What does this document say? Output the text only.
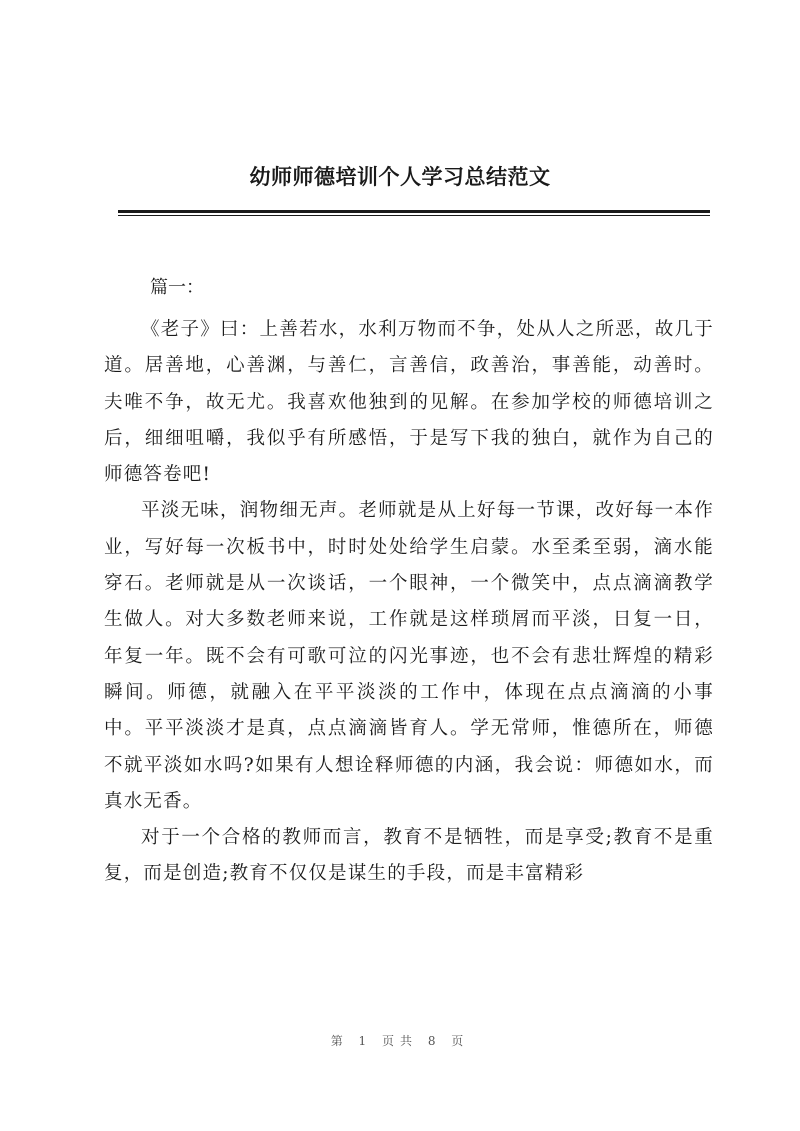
幼师师德培训个人学习总结范文
篇一：

《老子》曰：上善若水，水利万物而不争，处从人之所恶，故几于道。居善地，心善渊，与善仁，言善信，政善治，事善能，动善时。夫唯不争，故无尤。我喜欢他独到的见解。在参加学校的师德培训之后，细细咀嚼，我似乎有所感悟，于是写下我的独白，就作为自己的师德答卷吧!

平淡无味，润物细无声。老师就是从上好每一节课，改好每一本作业，写好每一次板书中，时时处处给学生启蒙。水至柔至弱，滴水能穿石。老师就是从一次谈话，一个眼神，一个微笑中，点点滴滴教学生做人。对大多数老师来说，工作就是这样琐屑而平淡，日复一日，年复一年。既不会有可歌可泣的闪光事迹，也不会有悲壮辉煌的精彩瞬间。师德，就融入在平平淡淡的工作中，体现在点点滴滴的小事中。平平淡淡才是真，点点滴滴皆育人。学无常师，惟德所在，师德不就平淡如水吗?如果有人想诠释师德的内涵，我会说：师德如水，而真水无香。

对于一个合格的教师而言，教育不是牺牲，而是享受;教育不是重复，而是创造;教育不仅仅是谋生的手段，而是丰富精彩

第 1 页共 8 页
